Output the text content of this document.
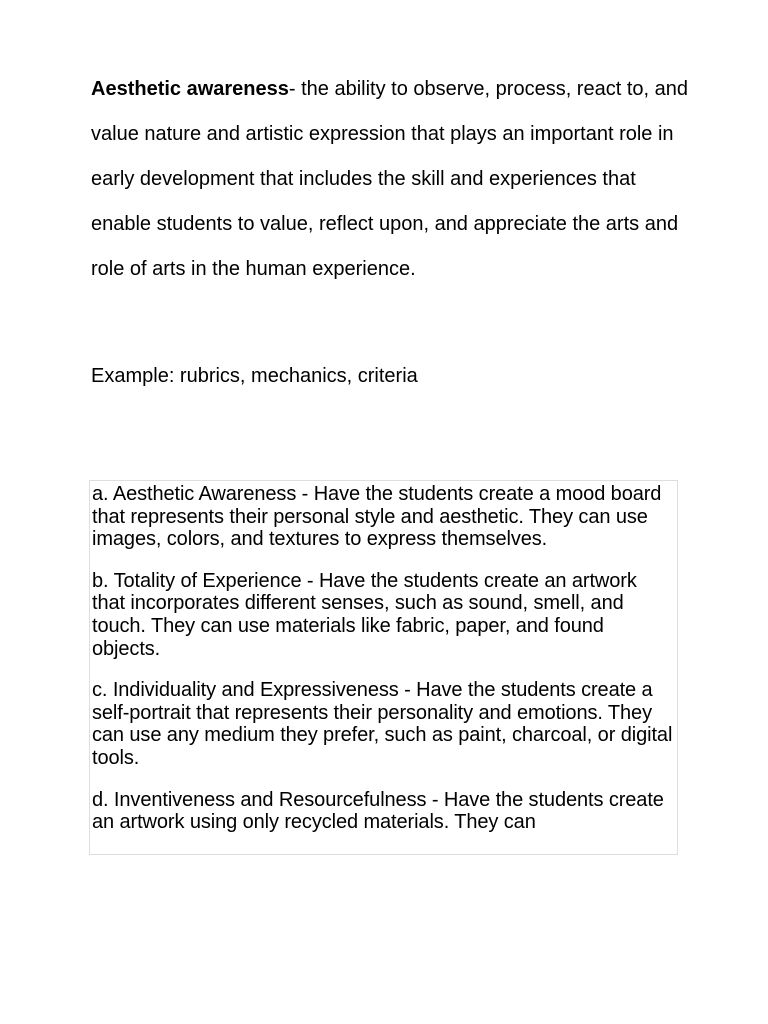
Aesthetic awareness- the ability to observe, process, react to, and value nature and artistic expression that plays an important role in early development that includes the skill and experiences that enable students to value, reflect upon, and appreciate the arts and role of arts in the human experience.

Example: rubrics, mechanics, criteria

a. Aesthetic Awareness - Have the students create a mood board that represents their personal style and aesthetic. They can use images, colors, and textures to express themselves.

b. Totality of Experience - Have the students create an artwork that incorporates different senses, such as sound, smell, and touch. They can use materials like fabric, paper, and found objects.

c. Individuality and Expressiveness - Have the students create a self-portrait that represents their personality and emotions. They can use any medium they prefer, such as paint, charcoal, or digital tools.

d. Inventiveness and Resourcefulness - Have the students create an artwork using only recycled materials. They can
